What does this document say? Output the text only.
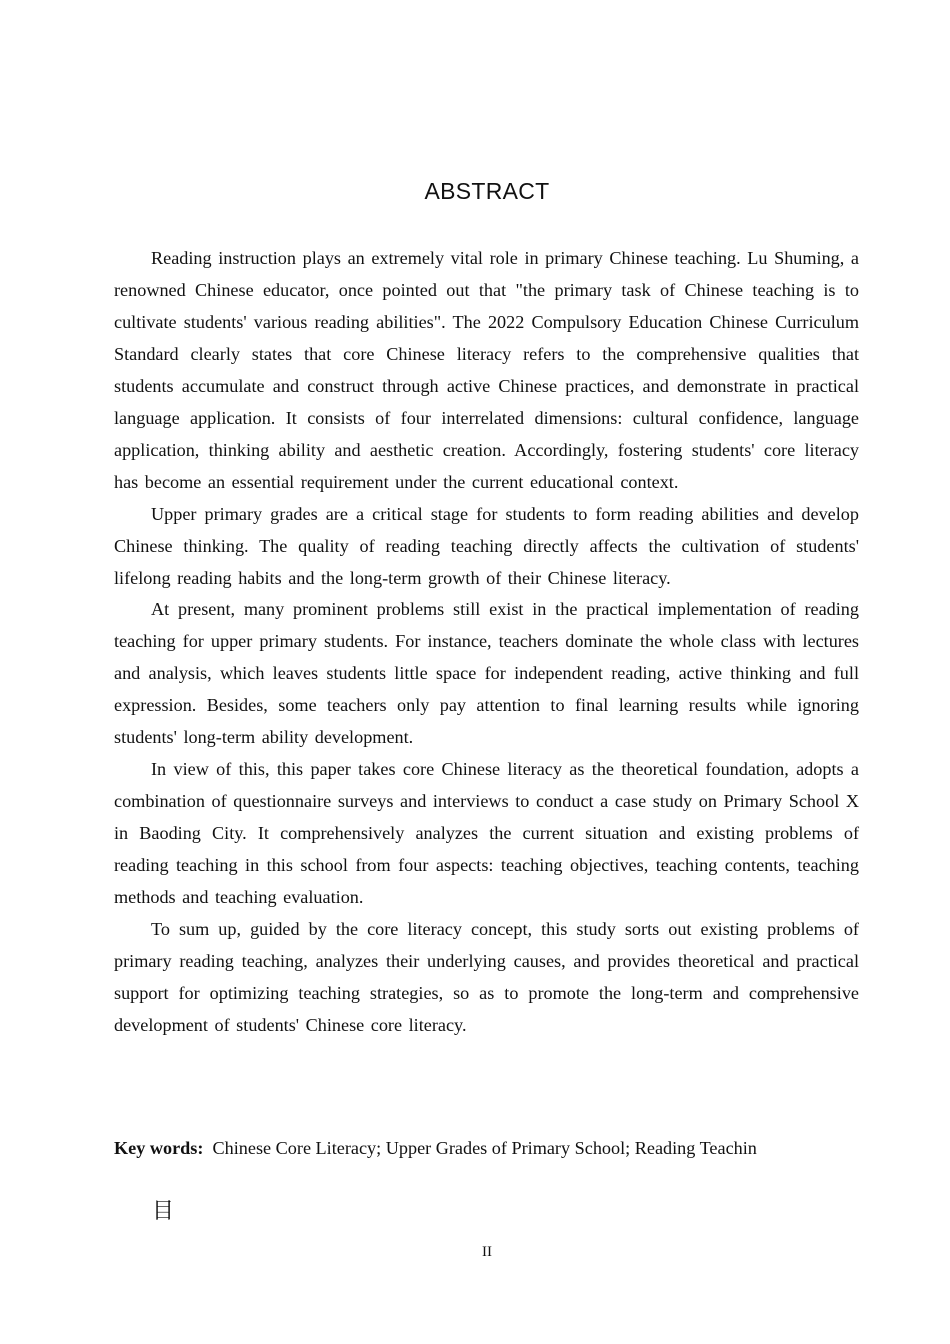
ABSTRACT

Reading instruction plays an extremely vital role in primary Chinese teaching. Lu Shuming, a renowned Chinese educator, once pointed out that "the primary task of Chinese teaching is to cultivate students' various reading abilities". The 2022 Compulsory Education Chinese Curriculum Standard clearly states that core Chinese literacy refers to the comprehensive qualities that students accumulate and construct through active Chinese practices, and demonstrate in practical language application. It consists of four interrelated dimensions: cultural confidence, language application, thinking ability and aesthetic creation. Accordingly, fostering students' core literacy has become an essential requirement under the current educational context.

Upper primary grades are a critical stage for students to form reading abilities and develop Chinese thinking. The quality of reading teaching directly affects the cultivation of students' lifelong reading habits and the long-term growth of their Chinese literacy.

At present, many prominent problems still exist in the practical implementation of reading teaching for upper primary students. For instance, teachers dominate the whole class with lectures and analysis, which leaves students little space for independent reading, active thinking and full expression. Besides, some teachers only pay attention to final learning results while ignoring students' long-term ability development.

In view of this, this paper takes core Chinese literacy as the theoretical foundation, adopts a combination of questionnaire surveys and interviews to conduct a case study on Primary School X in Baoding City. It comprehensively analyzes the current situation and existing problems of reading teaching in this school from four aspects: teaching objectives, teaching contents, teaching methods and teaching evaluation.

To sum up, guided by the core literacy concept, this study sorts out existing problems of primary reading teaching, analyzes their underlying causes, and provides theoretical and practical support for optimizing teaching strategies, so as to promote the long-term and comprehensive development of students' Chinese core literacy.

Key words: Chinese Core Literacy; Upper Grades of Primary School; Reading Teachin

目

II
